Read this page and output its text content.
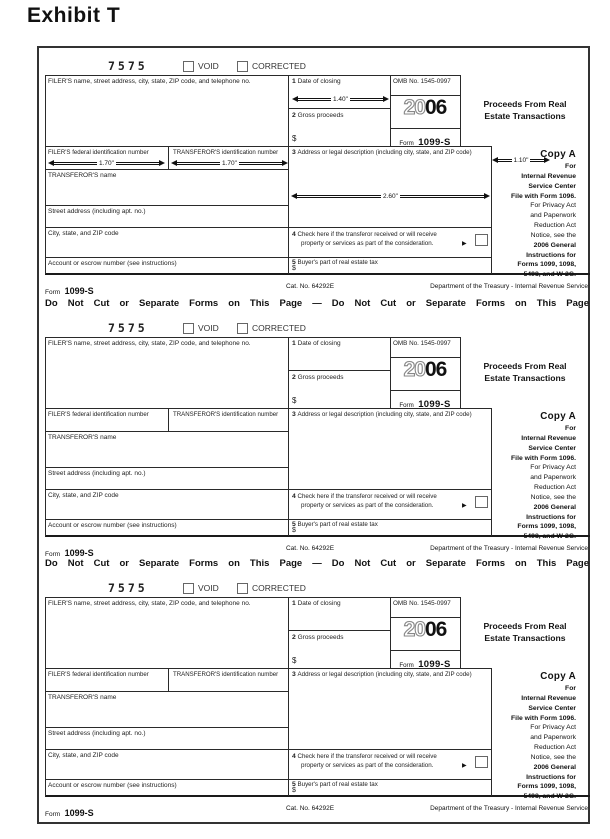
Exhibit T
7575	VOID	CORRECTED
FILER'S name, street address, city, state, ZIP code, and telephone no.
FILER'S federal identification number	TRANSFEROR'S identification number
TRANSFEROR'S name
Street address (including apt. no.)
City, state, and ZIP code
Account or escrow number (see instructions)
1 Date of closing
2 Gross proceeds
$
OMB No. 1545-0997
2006
Form 1099-S
Proceeds From Real
Estate Transactions
3 Address or legal description (including city, state, and ZIP code)
4 Check here if the transferor received or will receive
property or services as part of the consideration.	▶
5 Buyer's part of real estate tax
$
Copy A
For
Internal Revenue
Service Center
File with Form 1096.
For Privacy Act
and Paperwork
Reduction Act
Notice, see the
2006 General
Instructions for
Forms 1099, 1098,
5498, and W-2G.
1.40"
1.70"	1.70"
2.60"
1.10"
Form 1099-S	Cat. No. 64292E	Department of the Treasury - Internal Revenue Service
7575	VOID	CORRECTED
FILER'S name, street address, city, state, ZIP code, and telephone no.
FILER'S federal identification number	TRANSFEROR'S identification number
TRANSFEROR'S name
Street address (including apt. no.)
City, state, and ZIP code
Account or escrow number (see instructions)
1 Date of closing
2 Gross proceeds
$
OMB No. 1545-0997
2006
Form 1099-S
Proceeds From Real
Estate Transactions
3 Address or legal description (including city, state, and ZIP code)
4 Check here if the transferor received or will receive
property or services as part of the consideration.	▶
5 Buyer's part of real estate tax
$
Copy A
For
Internal Revenue
Service Center
File with Form 1096.
For Privacy Act
and Paperwork
Reduction Act
Notice, see the
2006 General
Instructions for
Forms 1099, 1098,
5498, and W-2G.
Form 1099-S	Cat. No. 64292E	Department of the Treasury - Internal Revenue Service
7575	VOID	CORRECTED
FILER'S name, street address, city, state, ZIP code, and telephone no.
FILER'S federal identification number	TRANSFEROR'S identification number
TRANSFEROR'S name
Street address (including apt. no.)
City, state, and ZIP code
Account or escrow number (see instructions)
1 Date of closing
2 Gross proceeds
$
OMB No. 1545-0997
2006
Form 1099-S
Proceeds From Real
Estate Transactions
3 Address or legal description (including city, state, and ZIP code)
4 Check here if the transferor received or will receive
property or services as part of the consideration.	▶
5 Buyer's part of real estate tax
$
Copy A
For
Internal Revenue
Service Center
File with Form 1096.
For Privacy Act
and Paperwork
Reduction Act
Notice, see the
2006 General
Instructions for
Forms 1099, 1098,
5498, and W-2G.
Form 1099-S	Cat. No. 64292E	Department of the Treasury - Internal Revenue Service
Do Not Cut or Separate Forms on This Page — Do Not Cut or Separate Forms on This Page
Do Not Cut or Separate Forms on This Page — Do Not Cut or Separate Forms on This Page
